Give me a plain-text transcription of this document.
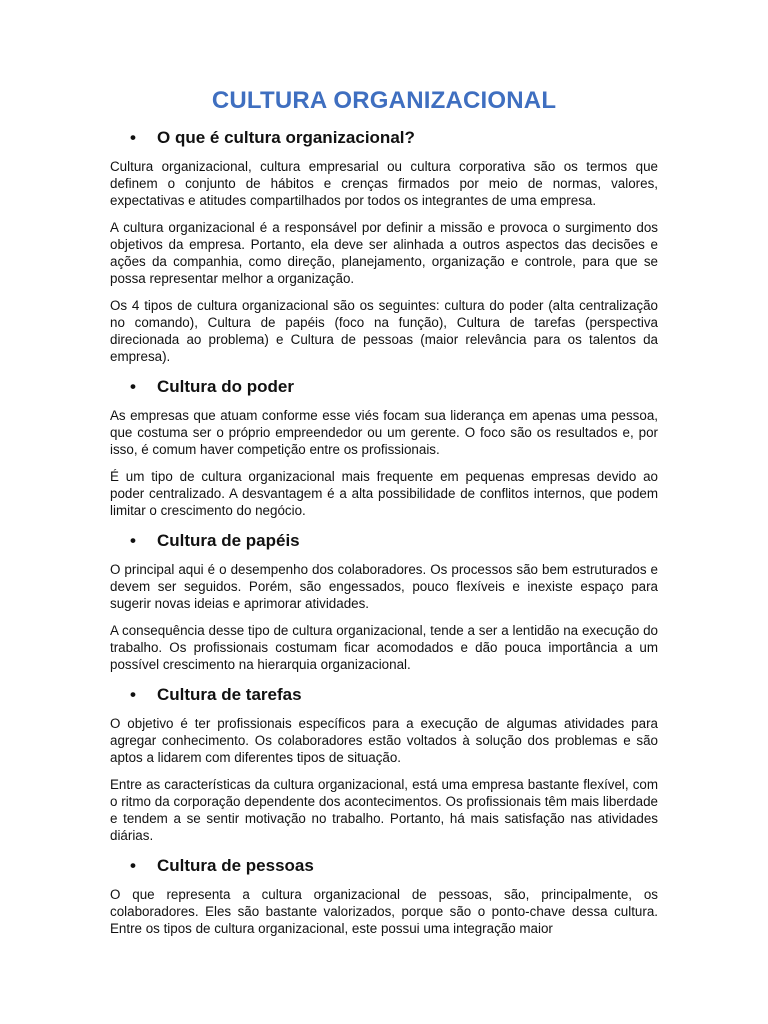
CULTURA ORGANIZACIONAL
• O que é cultura organizacional?

Cultura organizacional, cultura empresarial ou cultura corporativa são os termos que definem o conjunto de hábitos e crenças firmados por meio de normas, valores, expectativas e atitudes compartilhados por todos os integrantes de uma empresa.

A cultura organizacional é a responsável por definir a missão e provoca o surgimento dos objetivos da empresa. Portanto, ela deve ser alinhada a outros aspectos das decisões e ações da companhia, como direção, planejamento, organização e controle, para que se possa representar melhor a organização.

Os 4 tipos de cultura organizacional são os seguintes: cultura do poder (alta centralização no comando), Cultura de papéis (foco na função), Cultura de tarefas (perspectiva direcionada ao problema) e Cultura de pessoas (maior relevância para os talentos da empresa).

• Cultura do poder

As empresas que atuam conforme esse viés focam sua liderança em apenas uma pessoa, que costuma ser o próprio empreendedor ou um gerente. O foco são os resultados e, por isso, é comum haver competição entre os profissionais.

É um tipo de cultura organizacional mais frequente em pequenas empresas devido ao poder centralizado. A desvantagem é a alta possibilidade de conflitos internos, que podem limitar o crescimento do negócio.

• Cultura de papéis

O principal aqui é o desempenho dos colaboradores. Os processos são bem estruturados e devem ser seguidos. Porém, são engessados, pouco flexíveis e inexiste espaço para sugerir novas ideias e aprimorar atividades.

A consequência desse tipo de cultura organizacional, tende a ser a lentidão na execução do trabalho. Os profissionais costumam ficar acomodados e dão pouca importância a um possível crescimento na hierarquia organizacional.

• Cultura de tarefas

O objetivo é ter profissionais específicos para a execução de algumas atividades para agregar conhecimento. Os colaboradores estão voltados à solução dos problemas e são aptos a lidarem com diferentes tipos de situação.

Entre as características da cultura organizacional, está uma empresa bastante flexível, com o ritmo da corporação dependente dos acontecimentos. Os profissionais têm mais liberdade e tendem a se sentir motivação no trabalho. Portanto, há mais satisfação nas atividades diárias.

• Cultura de pessoas

O que representa a cultura organizacional de pessoas, são, principalmente, os colaboradores. Eles são bastante valorizados, porque são o ponto-chave dessa cultura. Entre os tipos de cultura organizacional, este possui uma integração maior
